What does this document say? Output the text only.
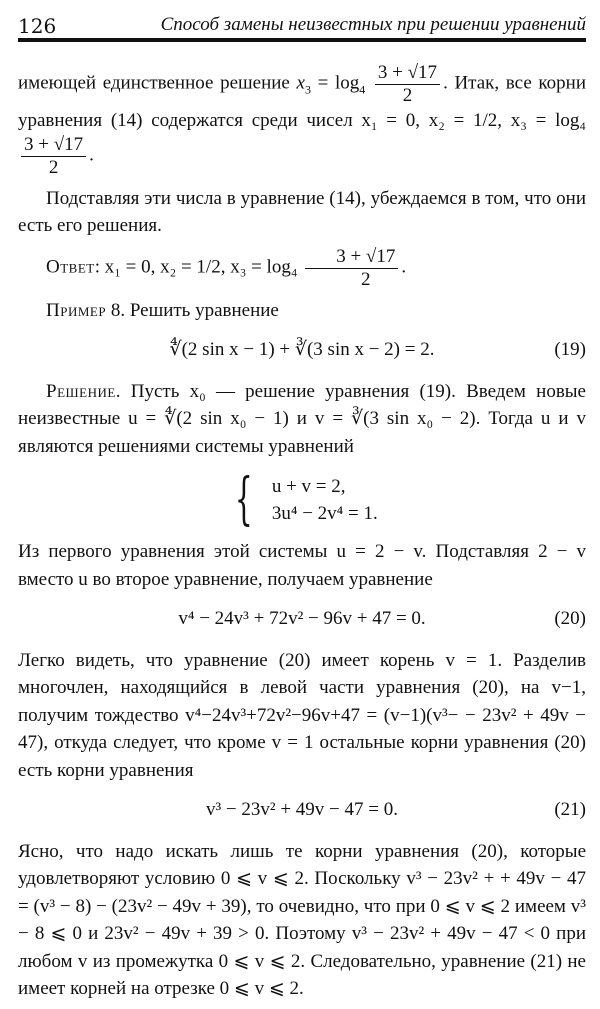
126	Способ замены неизвестных при решении уравнений

имеющей единственное решение $x_3 = \log_4 \frac{3 + √17}{2}$ . Итак, все корни уравнения (14) содержатся среди чисел x₁ = 0, x₂ = 1/2, x₃ = log₄
$\frac{3 + √17}{2}$ .

Подставляя эти числа в уравнение (14), убеждаемся в том, что они есть его решения.

Ответ: x₁ = 0, x₂ = 1/2, $x_3 = \log_4 \frac{3 + √17}{2}$ .

Пример 8. Решить уравнение

∜(2 sin x − 1) + ∛(3 sin x − 2) = 2.	(19)

Решение. Пусть x₀ — решение уравнения (19). Введем новые неизвестные u = ∜(2 sin x₀ − 1) и v = ∛(3 sin x₀ − 2). Тогда u и v являются решениями системы уравнений

{ u + v = 2,
3u⁴ − 2v⁴ = 1.

Из первого уравнения этой системы u = 2 − v. Подставляя 2 − v вместо u во второе уравнение, получаем уравнение

v⁴ − 24v³ + 72v² − 96v + 47 = 0.	(20)

Легко видеть, что уравнение (20) имеет корень v = 1. Разделив многочлен, находящийся в левой части уравнения (20), на v−1, получим тождество v⁴−24v³+72v²−96v+47 = (v−1)(v³− − 23v² + 49v − 47), откуда следует, что кроме v = 1 остальные корни уравнения (20) есть корни уравнения

v³ − 23v² + 49v − 47 = 0.	(21)

Ясно, что надо искать лишь те корни уравнения (20), которые удовлетворяют условию 0 ⩽ v ⩽ 2. Поскольку v³ − 23v² + + 49v − 47 = (v³ − 8) − (23v² − 49v + 39), то очевидно, что при 0 ⩽ v ⩽ 2 имеем v³ − 8 ⩽ 0 и 23v² − 49v + 39 > 0. Поэтому v³ − 23v² + 49v − 47 < 0 при любом v из промежутка 0 ⩽ v ⩽ 2. Следовательно, уравнение (21) не имеет корней на отрезке 0 ⩽ v ⩽ 2.
